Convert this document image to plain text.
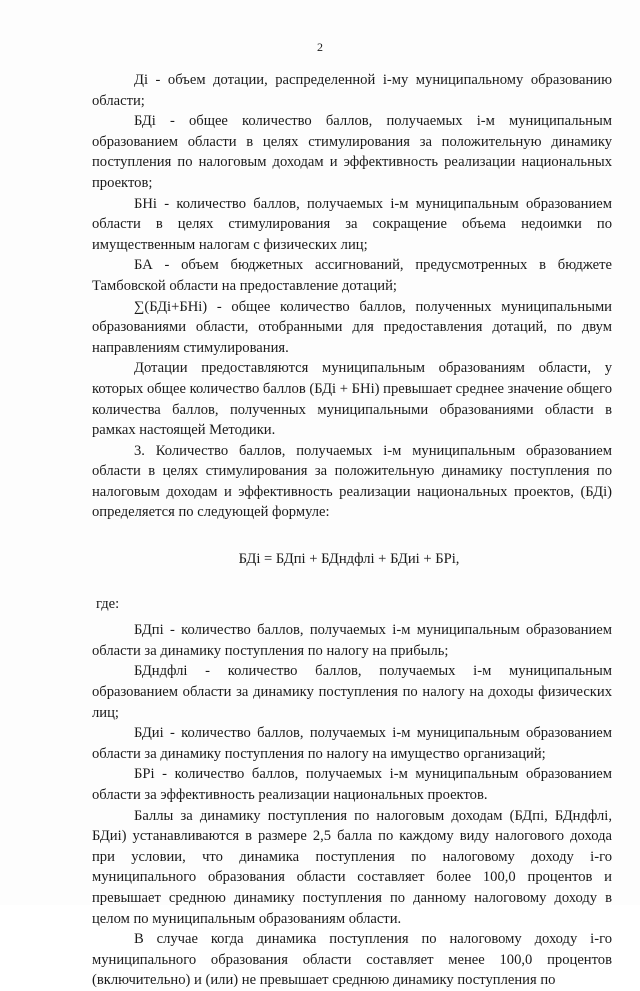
2

Дi - объем дотации, распределенной i-му муниципальному образованию области;

БДi - общее количество баллов, получаемых i-м муниципальным образованием области в целях стимулирования за положительную динамику поступления по налоговым доходам и эффективность реализации национальных проектов;

БНi - количество баллов, получаемых i-м муниципальным образованием области в целях стимулирования за сокращение объема недоимки по имущественным налогам с физических лиц;

БА - объем бюджетных ассигнований, предусмотренных в бюджете Тамбовской области на предоставление дотаций;

∑(БДi+БНi) - общее количество баллов, полученных муниципальными образованиями области, отобранными для предоставления дотаций, по двум направлениям стимулирования.

Дотации предоставляются муниципальным образованиям области, у которых общее количество баллов (БДi + БНi) превышает среднее значение общего количества баллов, полученных муниципальными образованиями области в рамках настоящей Методики.

3. Количество баллов, получаемых i-м муниципальным образованием области в целях стимулирования за положительную динамику поступления по налоговым доходам и эффективность реализации национальных проектов, (БДi) определяется по следующей формуле:

БДi = БДпi + БДндфлi + БДиi + БРi,

где:

БДпi - количество баллов, получаемых i-м муниципальным образованием области за динамику поступления по налогу на прибыль;

БДндфлi - количество баллов, получаемых i-м муниципальным образованием области за динамику поступления по налогу на доходы физических лиц;

БДиi - количество баллов, получаемых i-м муниципальным образованием области за динамику поступления по налогу на имущество организаций;

БРi - количество баллов, получаемых i-м муниципальным образованием области за эффективность реализации национальных проектов.

Баллы за динамику поступления по налоговым доходам (БДпi, БДндфлi, БДиi) устанавливаются в размере 2,5 балла по каждому виду налогового дохода при условии, что динамика поступления по налоговому доходу i-го муниципального образования области составляет более 100,0 процентов и превышает среднюю динамику поступления по данному налоговому доходу в целом по муниципальным образованиям области.

В случае когда динамика поступления по налоговому доходу i-го муниципального образования области составляет менее 100,0 процентов (включительно) и (или) не превышает среднюю динамику поступления по
